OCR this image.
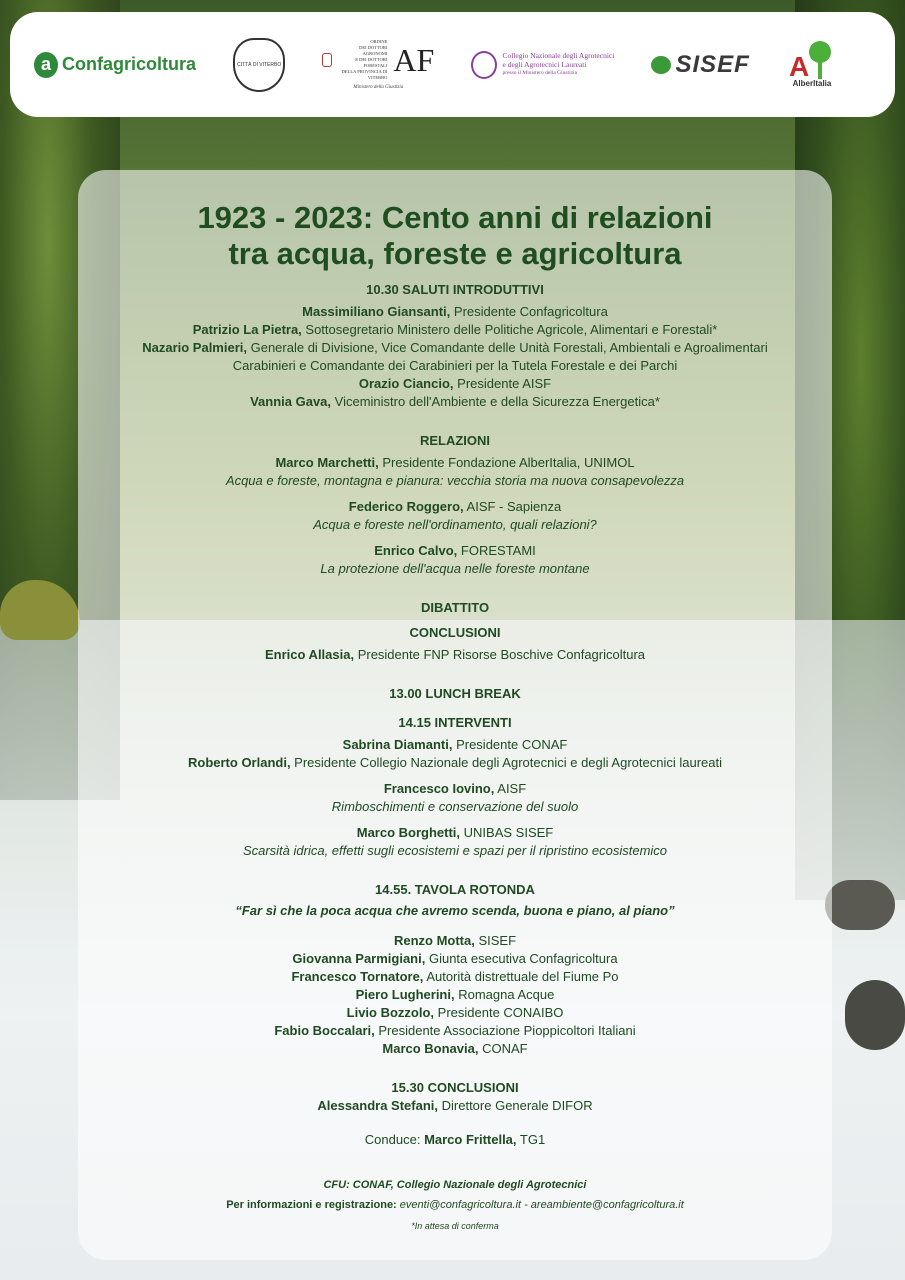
a Confagricoltura	CITTÀ DI VITERBO
ORDINE
DEI DOTTORI AGRONOMI
E DEI DOTTORI FORESTALI
DELLA PROVINCIA DI VITERBO AF
Ministero della Giustizia
Collegio Nazionale degli Agrotecnici
e degli Agrotecnici Laureati
presso il Ministero della Giustizia	SISEF A
AlberItalia
1923 - 2023: Cento anni di relazioni
tra acqua, foreste e agricoltura
10.30 SALUTI INTRODUTTIVI
Massimiliano Giansanti, Presidente Confagricoltura
Patrizio La Pietra, Sottosegretario Ministero delle Politiche Agricole, Alimentari e Forestali*
Nazario Palmieri, Generale di Divisione, Vice Comandante delle Unità Forestali, Ambientali e Agroalimentari
Carabinieri e Comandante dei Carabinieri per la Tutela Forestale e dei Parchi
Orazio Ciancio, Presidente AISF
Vannia Gava, Viceministro dell'Ambiente e della Sicurezza Energetica*
RELAZIONI
Marco Marchetti, Presidente Fondazione AlberItalia, UNIMOL
Acqua e foreste, montagna e pianura: vecchia storia ma nuova consapevolezza
Federico Roggero, AISF - Sapienza
Acqua e foreste nell'ordinamento, quali relazioni?
Enrico Calvo, FORESTAMI
La protezione dell'acqua nelle foreste montane
DIBATTITO
CONCLUSIONI
Enrico Allasia, Presidente FNP Risorse Boschive Confagricoltura
13.00 LUNCH BREAK
14.15 INTERVENTI
Sabrina Diamanti, Presidente CONAF
Roberto Orlandi, Presidente Collegio Nazionale degli Agrotecnici e degli Agrotecnici laureati
Francesco Iovino, AISF
Rimboschimenti e conservazione del suolo
Marco Borghetti, UNIBAS SISEF
Scarsità idrica, effetti sugli ecosistemi e spazi per il ripristino ecosistemico
14.55. TAVOLA ROTONDA
“Far sì che la poca acqua che avremo scenda, buona e piano, al piano”
Renzo Motta, SISEF
Giovanna Parmigiani, Giunta esecutiva Confagricoltura
Francesco Tornatore, Autorità distrettuale del Fiume Po
Piero Lugherini, Romagna Acque
Livio Bozzolo, Presidente CONAIBO
Fabio Boccalari, Presidente Associazione Pioppicoltori Italiani
Marco Bonavia, CONAF
15.30 CONCLUSIONI
Alessandra Stefani, Direttore Generale DIFOR
Conduce: Marco Frittella, TG1
CFU: CONAF, Collegio Nazionale degli Agrotecnici
Per informazioni e registrazione: eventi@confagricoltura.it - areambiente@confagricoltura.it
*In attesa di conferma
